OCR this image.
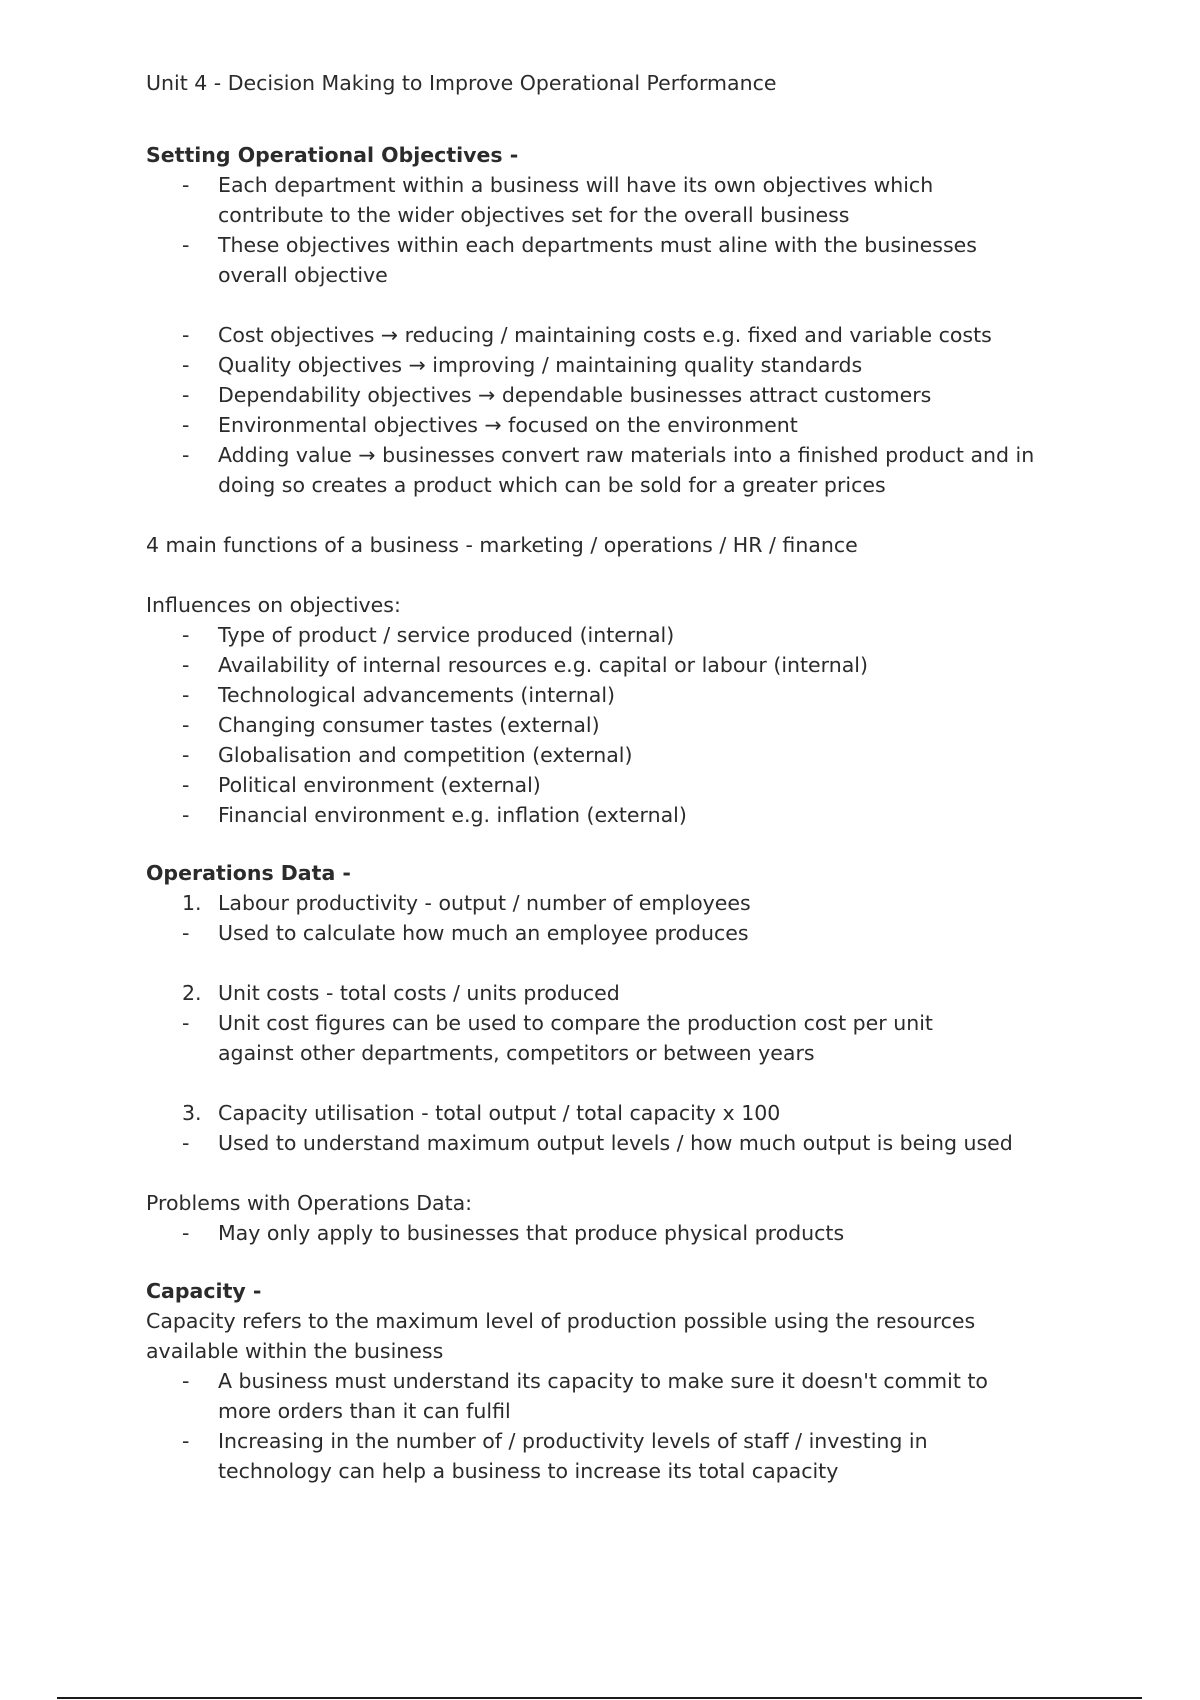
Unit 4 - Decision Making to Improve Operational Performance
Setting Operational Objectives -
-	Each department within a business will have its own objectives which contribute to the wider objectives set for the overall business
-	These objectives within each departments must aline with the businesses overall objective
-	Cost objectives → reducing / maintaining costs e.g. fixed and variable costs
-	Quality objectives → improving / maintaining quality standards
-	Dependability objectives → dependable businesses attract customers
-	Environmental objectives → focused on the environment
-	Adding value → businesses convert raw materials into a finished product and in doing so creates a product which can be sold for a greater prices
4 main functions of a business - marketing / operations / HR / finance
Influences on objectives:
-	Type of product / service produced (internal)
-	Availability of internal resources e.g. capital or labour (internal)
-	Technological advancements (internal)
-	Changing consumer tastes (external)
-	Globalisation and competition (external)
-	Political environment (external)
-	Financial environment e.g. inflation (external)
Operations Data -
1. Labour productivity - output / number of employees
-	Used to calculate how much an employee produces
2. Unit costs - total costs / units produced
-	Unit cost figures can be used to compare the production cost per unit against other departments, competitors or between years
3. Capacity utilisation - total output / total capacity x 100
-	Used to understand maximum output levels / how much output is being used
Problems with Operations Data:
-	May only apply to businesses that produce physical products
Capacity -
Capacity refers to the maximum level of production possible using the resources available within the business
-	A business must understand its capacity to make sure it doesn't commit to more orders than it can fulfil
-	Increasing in the number of / productivity levels of staff / investing in technology can help a business to increase its total capacity
